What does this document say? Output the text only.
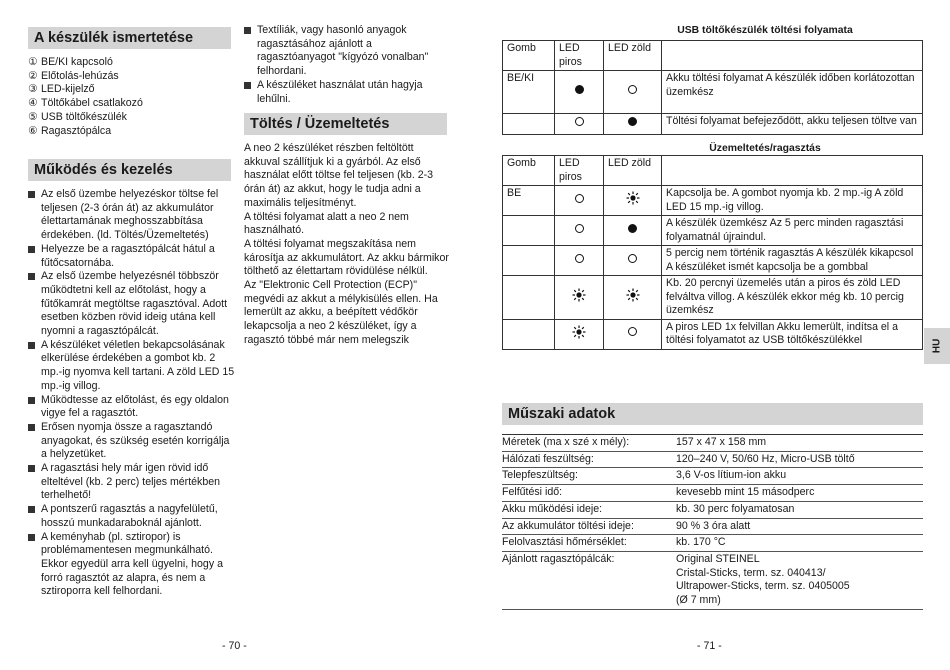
A készülék ismertetése
① BE/KI kapcsoló
② Előtolás-lehúzás
③ LED-kijelző
④ Töltőkábel csatlakozó
⑤ USB töltőkészülék
⑥ Ragasztópálca
Működés és kezelés
Az első üzembe helyezéskor töltse fel teljesen (2-3 órán át) az akkumulátor élettartamának meghosszabbítása érdekében. (ld. Töltés/Üzemeltetés)
Helyezze be a ragasztópálcát hátul a fűtőcsatornába.
Az első üzembe helyezésnél többször működtetni kell az előtolást, hogy a fűtőkamrát megtöltse ragasztóval. Adott esetben közben rövid ideig utána kell nyomni a ragasztópálcát.
A készüléket véletlen bekapcsolásának elkerülése érdekében a gombot kb. 2 mp.-ig nyomva kell tartani. A zöld LED 15 mp.-ig villog.
Működtesse az előtolást, és egy oldalon vigye fel a ragasztót.
Erősen nyomja össze a ragasztandó anyagokat, és szükség esetén korrigálja a helyzetüket.
A ragasztási hely már igen rövid idő elteltével (kb. 2 perc) teljes mértékben terhelhető!
A pontszerű ragasztás a nagyfelületű, hosszú munkadaraboknál ajánlott.
A keményhab (pl. sztiropor) is problémamentesen megmunkálható. Ekkor egyedül arra kell ügyelni, hogy a forró ragasztót az alapra, és nem a sztiroporra kell felhordani.
Textíliák, vagy hasonló anyagok ragasztásához ajánlott a ragasztóanyagot "kígyózó vonalban" felhordani.
A készüléket használat után hagyja lehűlni.
Töltés / Üzemeltetés

A neo 2 készüléket részben feltöltött akkuval szállítjuk ki a gyárból. Az első használat előtt töltse fel teljesen (kb. 2-3 órán át) az akkut, hogy le tudja adni a maximális teljesítményt.

A töltési folyamat alatt a neo 2 nem használható.

A töltési folyamat megszakítása nem károsítja az akkumulátort. Az akku bármikor tölthető az élettartam rövidülése nélkül.

Az "Elektronic Cell Protection (ECP)" megvédi az akkut a mélykisülés ellen. Ha lemerült az akku, a beépített védőkör lekapcsolja a neo 2 készüléket, így a ragasztó többé már nem melegszik

USB töltőkészülék töltési folyamata
Gomb	LED piros	LED zöld	
BE/KI			Akku töltési folyamat A készülék időben korlátozottan üzemkész
			Töltési folyamat befejeződött, akku teljesen töltve van
Üzemeltetés/ragasztás
Gomb	LED piros	LED zöld	
BE			Kapcsolja be. A gombot nyomja kb. 2 mp.-ig A zöld LED 15 mp.-ig villog.
			A készülék üzemkész Az 5 perc minden ragasztási folyamatnál újraindul.
			5 percig nem történik ragasztás A készülék kikapcsol A készüléket ismét kapcsolja be a gombbal
			Kb. 20 percnyi üzemelés után a piros és zöld LED felváltva villog. A készülék ekkor még kb. 10 percig üzemkész
			A piros LED 1x felvillan Akku lemerült, indítsa el a töltési folyamatot az USB töltőkészülékkel
Műszaki adatok
Méretek (ma x szé x mély):	157 x 47 x 158 mm
Hálózati feszültség:	120–240 V, 50/60 Hz, Micro-USB töltő
Telepfeszültség:	3,6 V-os lítium-ion akku
Felfűtési idő:	kevesebb mint 15 másodperc
Akku működési ideje:	kb. 30 perc folyamatosan
Az akkumulátor töltési ideje:	90 % 3 óra alatt
Felolvasztási hőmérséklet:	kb. 170 °C
Ajánlott ragasztópálcák:	Original STEINEL
Cristal-Sticks, term. sz. 040413/
Ultrapower-Sticks, term. sz. 0405005
(Ø 7 mm)
HU
- 70 -	- 71 -
